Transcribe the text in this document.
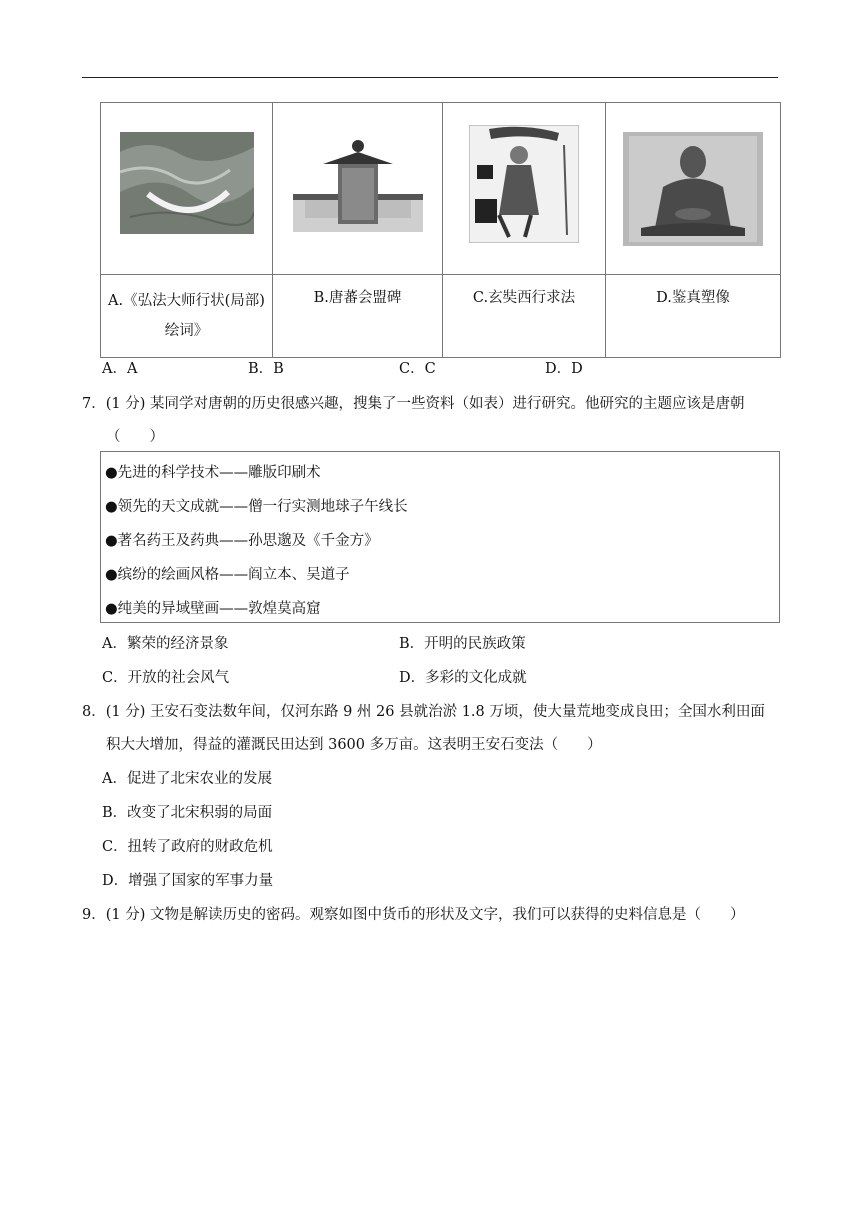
A.《弘法大师行状(局部)
绘词》	B.唐蕃会盟碑	C.玄奘西行求法	D.鉴真塑像
A．A	B．B	C．C	D．D
7．(1 分) 某同学对唐朝的历史很感兴趣，搜集了一些资料（如表）进行研究。他研究的主题应该是唐朝
（　　）
●先进的科学技术——雕版印刷术
●领先的天文成就——僧一行实测地球子午线长
●著名药王及药典——孙思邈及《千金方》
●缤纷的绘画风格——阎立本、吴道子
●纯美的异域壁画——敦煌莫高窟
A．繁荣的经济景象	B．开明的民族政策
C．开放的社会风气	D．多彩的文化成就
8．(1 分) 王安石变法数年间，仅河东路 9 州 26 县就治淤 1.8 万顷，使大量荒地变成良田；全国水利田面
积大大增加，得益的灌溉民田达到 3600 多万亩。这表明王安石变法（　　）
A．促进了北宋农业的发展
B．改变了北宋积弱的局面
C．扭转了政府的财政危机
D．增强了国家的军事力量
9．(1 分) 文物是解读历史的密码。观察如图中货币的形状及文字，我们可以获得的史料信息是（　　）
